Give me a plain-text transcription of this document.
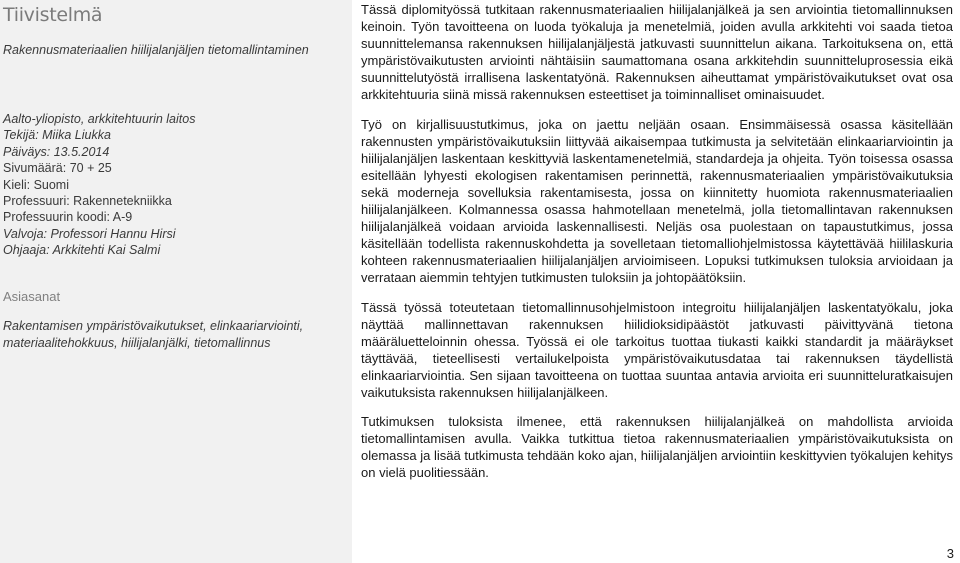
Tiivistelmä
Rakennusmateriaalien hiilijalanjäljen tietomallintaminen
Aalto-yliopisto, arkkitehtuurin laitos
Tekijä: Miika Liukka
Päiväys: 13.5.2014
Sivumäärä: 70 + 25
Kieli: Suomi
Professuuri: Rakennetekniikka
Professuurin koodi: A-9
Valvoja: Professori Hannu Hirsi
Ohjaaja: Arkkitehti Kai Salmi
Asiasanat
Rakentamisen ympäristövaikutukset, elinkaariarviointi, materiaalitehokkuus, hiilijalanjälki, tietomallinnus

Tässä diplomityössä tutkitaan rakennusmateriaalien hiilijalanjälkeä ja sen arviointia tietomallinnuksen keinoin. Työn tavoitteena on luoda työkaluja ja menetelmiä, joiden avulla arkkitehti voi saada tietoa suunnittelemansa rakennuksen hiilijalanjäljestä jatkuvasti suunnittelun aikana. Tarkoituksena on, että ympäristövaikutusten arviointi nähtäisiin saumattomana osana arkkitehdin suunnitteluprosessia eikä suunnittelutyöstä irrallisena laskentatyönä. Rakennuksen aiheuttamat ympäristövaikutukset ovat osa arkkitehtuuria siinä missä rakennuksen esteettiset ja toiminnalliset ominaisuudet.

Työ on kirjallisuustutkimus, joka on jaettu neljään osaan. Ensimmäisessä osassa käsitellään rakennusten ympäristövaikutuksiin liittyvää aikaisempaa tutkimusta ja selvitetään elinkaariarviointin ja hiilijalanjäljen laskentaan keskittyviä laskentamenetelmiä, standardeja ja ohjeita. Työn toisessa osassa esitellään lyhyesti ekologisen rakentamisen perinnettä, rakennusmateriaalien ympäristövaikutuksia sekä moderneja sovelluksia rakentamisesta, jossa on kiinnitetty huomiota rakennusmateriaalien hiilijalanjälkeen. Kolmannessa osassa hahmotellaan menetelmä, jolla tietomallintavan rakennuksen hiilijalanjälkeä voidaan arvioida laskennallisesti. Neljäs osa puolestaan on tapaustutkimus, jossa käsitellään todellista rakennuskohdetta ja sovelletaan tietomalliohjelmistossa käytettävää hiililaskuria kohteen rakennusmateriaalien hiilijalanjäljen arvioimiseen. Lopuksi tutkimuksen tuloksia arvioidaan ja verrataan aiemmin tehtyjen tutkimusten tuloksiin ja johtopäätöksiin.

Tässä työssä toteutetaan tietomallinnusohjelmistoon integroitu hiilijalanjäljen laskentatyökalu, joka näyttää mallinnettavan rakennuksen hiilidioksidipäästöt jatkuvasti päivittyvänä tietona määräluetteloinnin ohessa. Työssä ei ole tarkoitus tuottaa tiukasti kaikki standardit ja määräykset täyttävää, tieteellisesti vertailukelpoista ympäristövaikutusdataa tai rakennuksen täydellistä elinkaariarviointia. Sen sijaan tavoitteena on tuottaa suuntaa antavia arvioita eri suunnitteluratkaisujen vaikutuksista rakennuksen hiilijalanjälkeen.

Tutkimuksen tuloksista ilmenee, että rakennuksen hiilijalanjälkeä on mahdollista arvioida tietomallintamisen avulla. Vaikka tutkittua tietoa rakennusmateriaalien ympäristövaikutuksista on olemassa ja lisää tutkimusta tehdään koko ajan, hiilijalanjäljen arviointiin keskittyvien työkalujen kehitys on vielä puolitiessään.

3
